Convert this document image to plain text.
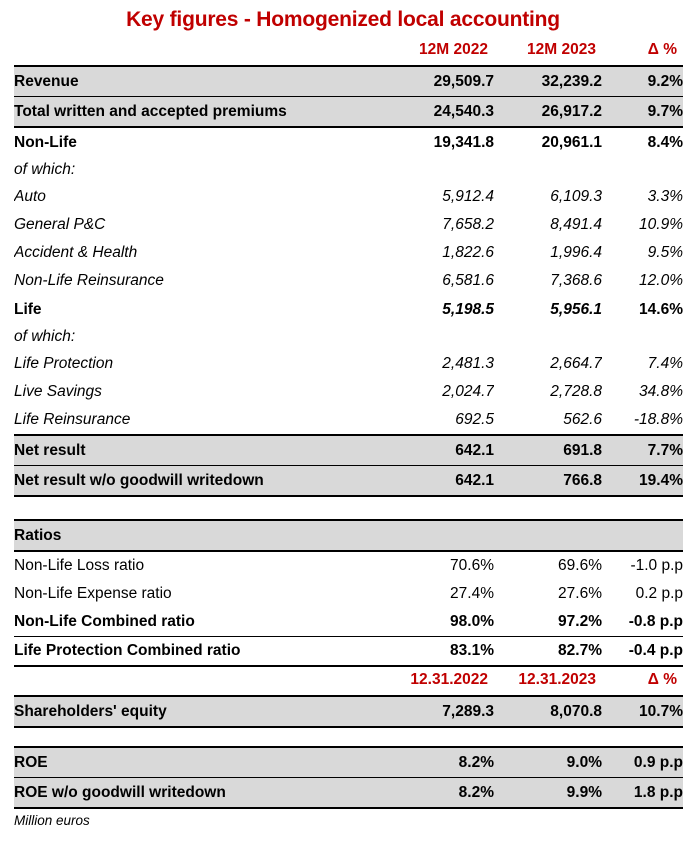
Key figures - Homogenized local accounting
	12M 2022	12M 2023	Δ %
Revenue	29,509.7	32,239.2	9.2%
Total written and accepted premiums	24,540.3	26,917.2	9.7%
Non-Life	19,341.8	20,961.1	8.4%
of which:			
Auto	5,912.4	6,109.3	3.3%
General P&C	7,658.2	8,491.4	10.9%
Accident & Health	1,822.6	1,996.4	9.5%
Non-Life Reinsurance	6,581.6	7,368.6	12.0%
Life	5,198.5	5,956.1	14.6%
of which:			
Life Protection	2,481.3	2,664.7	7.4%
Live Savings	2,024.7	2,728.8	34.8%
Life Reinsurance	692.5	562.6	-18.8%
Net result	642.1	691.8	7.7%
Net result w/o goodwill writedown	642.1	766.8	19.4%

Ratios			
Non-Life Loss ratio	70.6%	69.6%	-1.0 p.p
Non-Life Expense ratio	27.4%	27.6%	0.2 p.p
Non-Life Combined ratio	98.0%	97.2%	-0.8 p.p
Life Protection Combined ratio	83.1%	82.7%	-0.4 p.p
	12.31.2022	12.31.2023	Δ %
Shareholders' equity	7,289.3	8,070.8	10.7%

ROE	8.2%	9.0%	0.9 p.p
ROE w/o goodwill writedown	8.2%	9.9%	1.8 p.p
Million euros
